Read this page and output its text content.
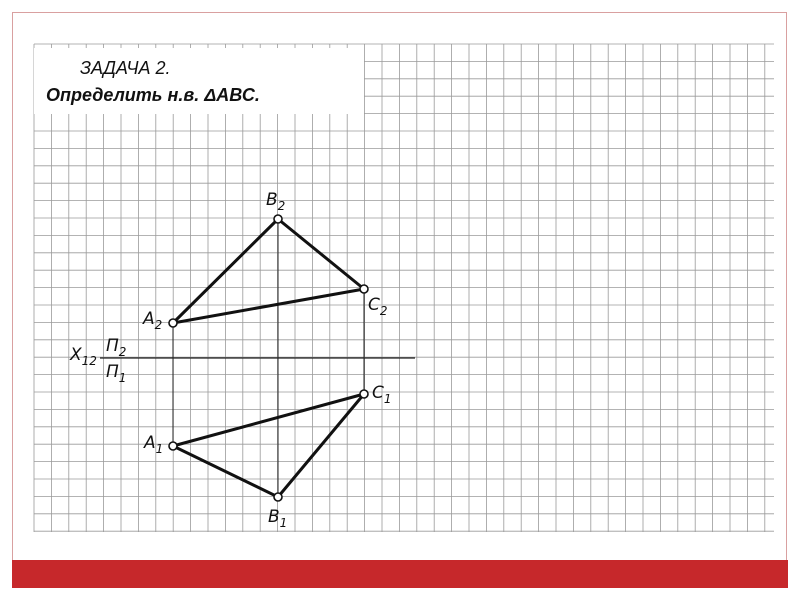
$B_2$
$C_2$
$A_2$
$C_1$
$A_1$
$B_1$
$X_{12}$
$П_2$
$П_1$
ЗАДАЧА 2.
Определить н.в. ΔАВС.
